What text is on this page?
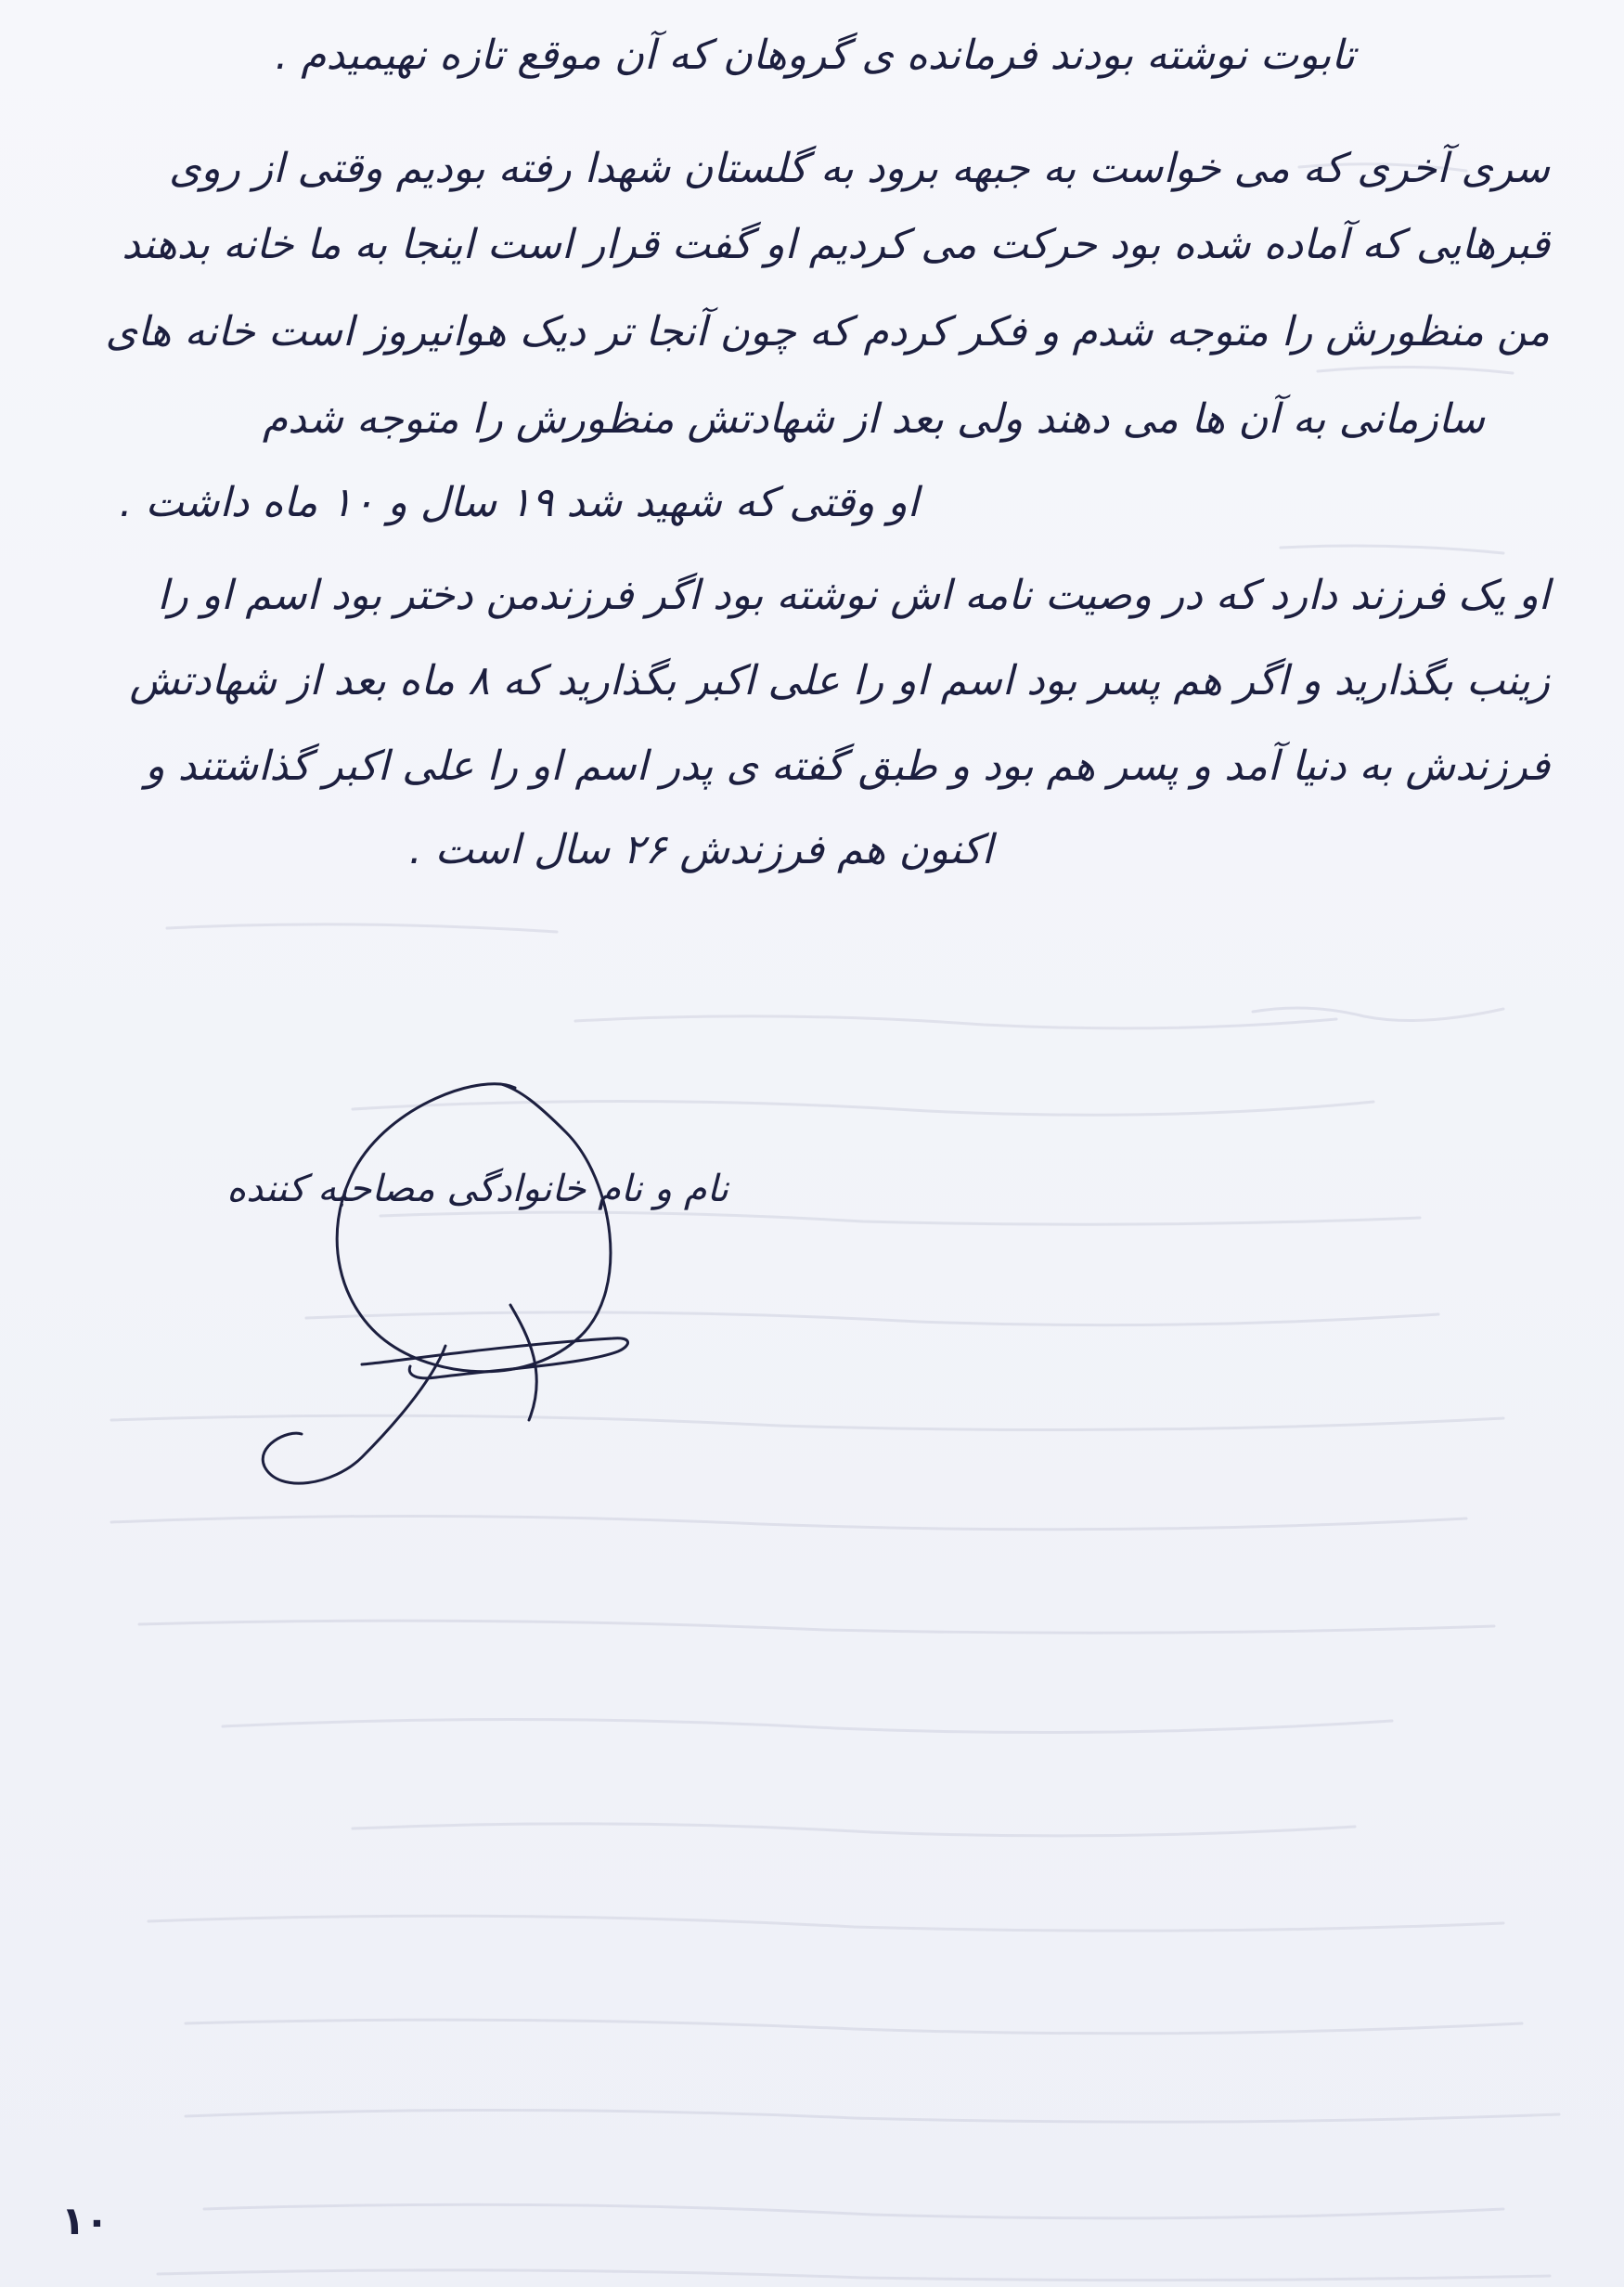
تابوت نوشته بودند فرمانده ی گروهان که آن موقع تازه نهیمیدم .
سری آخری که می خواست به جبهه برود به گلستان شهدا رفته بودیم وقتی از روی
قبرهایی که آماده شده بود حرکت می کردیم او گفت قرار است اینجا به ما خانه بدهند
من منظورش را متوجه شدم و فکر کردم که چون آنجا تر دیک هوانیروز است خانه های
سازمانی به آن ها می دهند ولی بعد از شهادتش منظورش را متوجه شدم
او وقتی که شهید شد ۱۹ سال و ۱۰ ماه داشت .
او یک فرزند دارد که در وصیت نامه اش نوشته بود اگر فرزندمن دختر بود اسم او را
زینب بگذارید و اگر هم پسر بود اسم او را علی اکبر بگذارید که ۸ ماه بعد از شهادتش
فرزندش به دنیا آمد و پسر هم بود و طبق گفته ی پدر اسم او را علی اکبر گذاشتند و
اکنون هم فرزندش ۲۶ سال است .
نام و نام خانوادگی مصاحبه کننده
۱۰
